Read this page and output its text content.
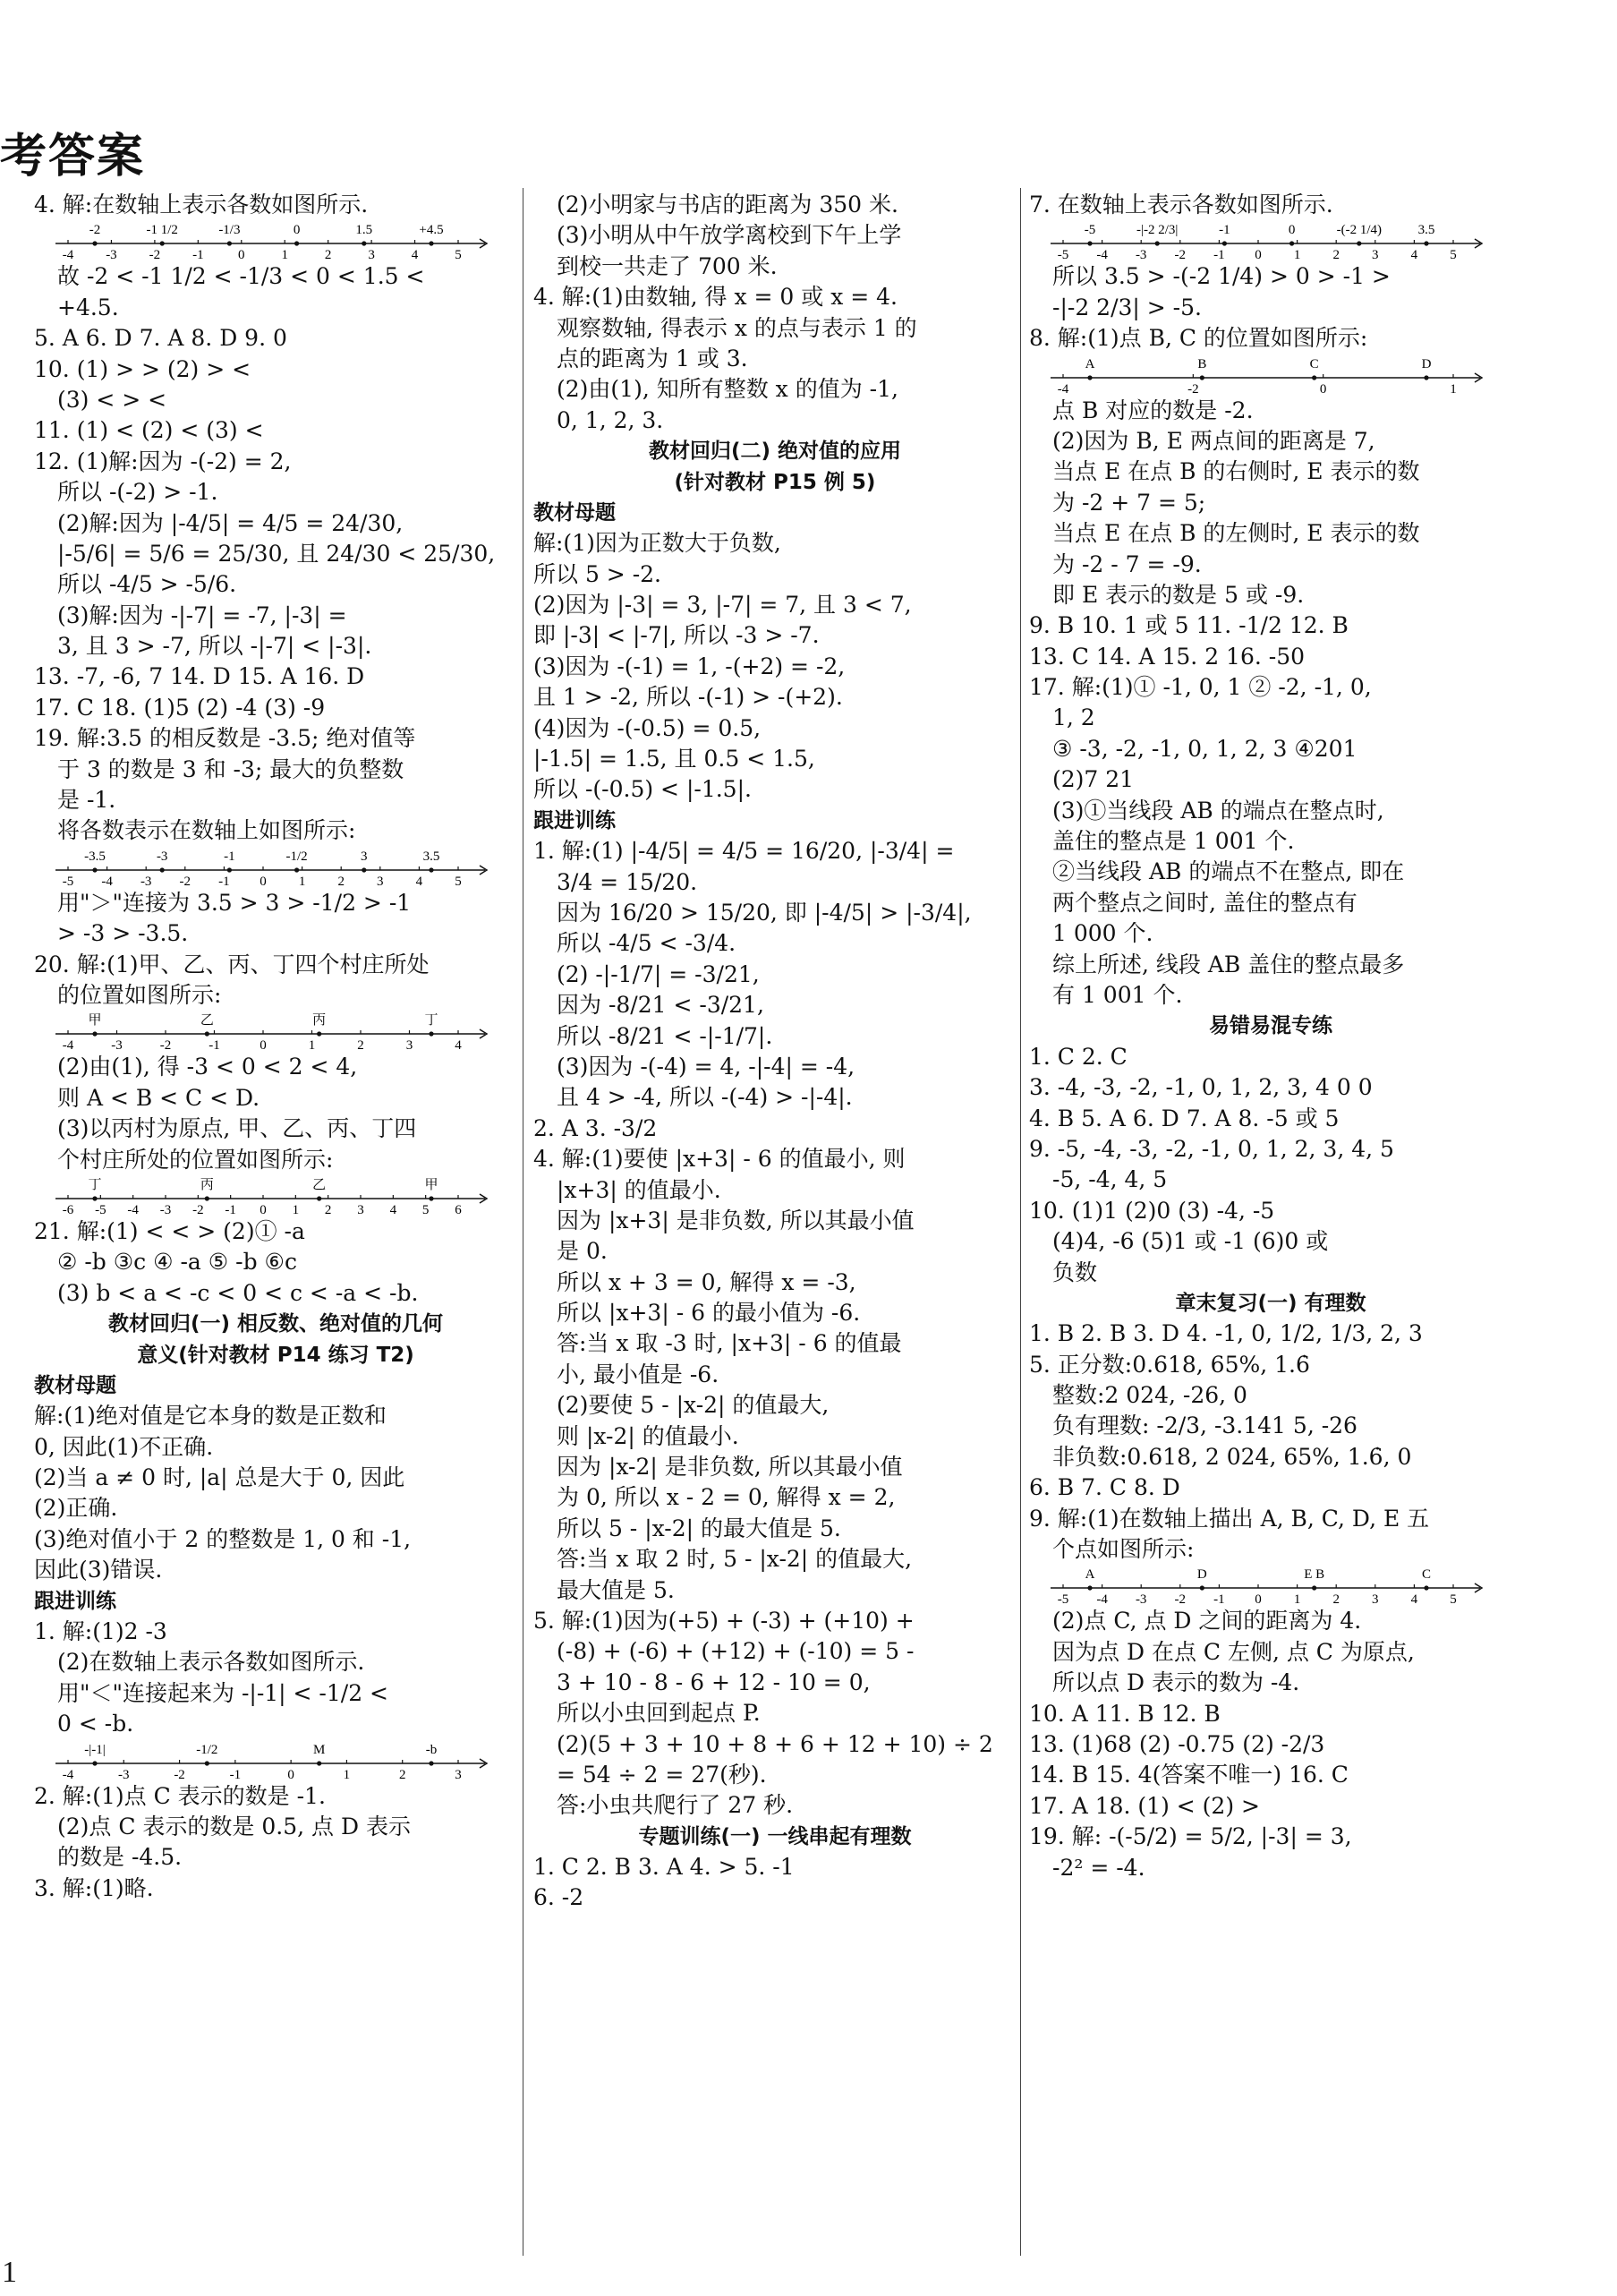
考答案
4. 解:在数轴上表示各数如图所示.
-4 -3 -2 -1	0	1	2	3	4	5
-2	-1 1/2	-1/3	0	1.5	+4.5
故 -2 < -1 1/2 < -1/3 < 0 < 1.5 <
+4.5.
5. A 6. D 7. A 8. D 9. 0
10. (1) > > (2) > <
(3) < > <
11. (1) < (2) < (3) <
12. (1)解:因为 -(-2) = 2,
所以 -(-2) > -1.
(2)解:因为 |-4/5| = 4/5 = 24/30,
|-5/6| = 5/6 = 25/30, 且 24/30 < 25/30,
所以 -4/5 > -5/6.
(3)解:因为 -|-7| = -7, |-3| =
3, 且 3 > -7, 所以 -|-7| < |-3|.
13. -7, -6, 7 14. D 15. A 16. D
17. C 18. (1)5 (2) -4 (3) -9
19. 解:3.5 的相反数是 -3.5; 绝对值等
于 3 的数是 3 和 -3; 最大的负整数
是 -1.
将各数表示在数轴上如图所示:
-5 -4 -3 -2 -1 0 1 2 3 4 5
-3.5	-3	-1	-1/2	3	3.5
用"＞"连接为 3.5 > 3 > -1/2 > -1
> -3 > -3.5.
20. 解:(1)甲、乙、丙、丁四个村庄所处
的位置如图所示:
-4	-3	-2	-1	0	1	2	3	4
甲	乙	丙	丁
(2)由(1), 得 -3 < 0 < 2 < 4,
则 A < B < C < D.
(3)以丙村为原点, 甲、乙、丙、丁四
个村庄所处的位置如图所示:
-6 -5 -4 -3 -2 -1 0 1 2 3 4 5 6
丁	丙	乙	甲
21. 解:(1) < < > (2)① -a
② -b ③c ④ -a ⑤ -b ⑥c
(3) b < a < -c < 0 < c < -a < -b.
教材回归(一) 相反数、绝对值的几何
意义(针对教材 P14 练习 T2)
教材母题
解:(1)绝对值是它本身的数是正数和
0, 因此(1)不正确.
(2)当 a ≠ 0 时, |a| 总是大于 0, 因此
(2)正确.
(3)绝对值小于 2 的整数是 1, 0 和 -1,
因此(3)错误.
跟进训练
1. 解:(1)2 -3
(2)在数轴上表示各数如图所示.
用"＜"连接起来为 -|-1| < -1/2 <
0 < -b.
-4	-3	-2	-1	0	1	2	3
-|-1|	-1/2	M	-b
2. 解:(1)点 C 表示的数是 -1.
(2)点 C 表示的数是 0.5, 点 D 表示
的数是 -4.5.
3. 解:(1)略.
(2)小明家与书店的距离为 350 米.
(3)小明从中午放学离校到下午上学
到校一共走了 700 米.
4. 解:(1)由数轴, 得 x = 0 或 x = 4.
观察数轴, 得表示 x 的点与表示 1 的
点的距离为 1 或 3.
(2)由(1), 知所有整数 x 的值为 -1,
0, 1, 2, 3.
教材回归(二) 绝对值的应用
(针对教材 P15 例 5)
教材母题
解:(1)因为正数大于负数,
所以 5 > -2.
(2)因为 |-3| = 3, |-7| = 7, 且 3 < 7,
即 |-3| < |-7|, 所以 -3 > -7.
(3)因为 -(-1) = 1, -(+2) = -2,
且 1 > -2, 所以 -(-1) > -(+2).
(4)因为 -(-0.5) = 0.5,
|-1.5| = 1.5, 且 0.5 < 1.5,
所以 -(-0.5) < |-1.5|.
跟进训练
1. 解:(1) |-4/5| = 4/5 = 16/20, |-3/4| =
3/4 = 15/20.
因为 16/20 > 15/20, 即 |-4/5| > |-3/4|,
所以 -4/5 < -3/4.
(2) -|-1/7| = -3/21,
因为 -8/21 < -3/21,
所以 -8/21 < -|-1/7|.
(3)因为 -(-4) = 4, -|-4| = -4,
且 4 > -4, 所以 -(-4) > -|-4|.
2. A 3. -3/2
4. 解:(1)要使 |x+3| - 6 的值最小, 则
|x+3| 的值最小.
因为 |x+3| 是非负数, 所以其最小值
是 0.
所以 x + 3 = 0, 解得 x = -3,
所以 |x+3| - 6 的最小值为 -6.
答:当 x 取 -3 时, |x+3| - 6 的值最
小, 最小值是 -6.
(2)要使 5 - |x-2| 的值最大,
则 |x-2| 的值最小.
因为 |x-2| 是非负数, 所以其最小值
为 0, 所以 x - 2 = 0, 解得 x = 2,
所以 5 - |x-2| 的最大值是 5.
答:当 x 取 2 时, 5 - |x-2| 的值最大,
最大值是 5.
5. 解:(1)因为(+5) + (-3) + (+10) +
(-8) + (-6) + (+12) + (-10) = 5 -
3 + 10 - 8 - 6 + 12 - 10 = 0,
所以小虫回到起点 P.
(2)(5 + 3 + 10 + 8 + 6 + 12 + 10) ÷ 2
= 54 ÷ 2 = 27(秒).
答:小虫共爬行了 27 秒.
专题训练(一) 一线串起有理数
1. C 2. B 3. A 4. > 5. -1
6. -2
7. 在数轴上表示各数如图所示.
-5 -4 -3 -2 -1 0 1 2 3 4 5
-5	-|-2 2/3|	-1	0	-(-2 1/4)	3.5
所以 3.5 > -(-2 1/4) > 0 > -1 >
-|-2 2/3| > -5.
8. 解:(1)点 B, C 的位置如图所示:
-4	-2	0	1
A	B	C	D
点 B 对应的数是 -2.
(2)因为 B, E 两点间的距离是 7,
当点 E 在点 B 的右侧时, E 表示的数
为 -2 + 7 = 5;
当点 E 在点 B 的左侧时, E 表示的数
为 -2 - 7 = -9.
即 E 表示的数是 5 或 -9.
9. B 10. 1 或 5 11. -1/2 12. B
13. C 14. A 15. 2 16. -50
17. 解:(1)① -1, 0, 1 ② -2, -1, 0,
1, 2
③ -3, -2, -1, 0, 1, 2, 3 ④201
(2)7 21
(3)①当线段 AB 的端点在整点时,
盖住的整点是 1 001 个.
②当线段 AB 的端点不在整点, 即在
两个整点之间时, 盖住的整点有
1 000 个.
综上所述, 线段 AB 盖住的整点最多
有 1 001 个.
易错易混专练
1. C 2. C
3. -4, -3, -2, -1, 0, 1, 2, 3, 4 0 0
4. B 5. A 6. D 7. A 8. -5 或 5
9. -5, -4, -3, -2, -1, 0, 1, 2, 3, 4, 5
-5, -4, 4, 5
10. (1)1 (2)0 (3) -4, -5
(4)4, -6 (5)1 或 -1 (6)0 或
负数
章末复习(一) 有理数
1. B 2. B 3. D 4. -1, 0, 1/2, 1/3, 2, 3
5. 正分数:0.618, 65%, 1.6̇
整数:2 024, -26, 0
负有理数: -2/3, -3.141 5, -26
非负数:0.618, 2 024, 65%, 1.6̇, 0
6. B 7. C 8. D
9. 解:(1)在数轴上描出 A, B, C, D, E 五
个点如图所示:
-5 -4 -3 -2 -1 0 1 2 3 4 5
A	D	E B	C
(2)点 C, 点 D 之间的距离为 4.
因为点 D 在点 C 左侧, 点 C 为原点,
所以点 D 表示的数为 -4.
10. A 11. B 12. B
13. (1)68 (2) -0.75 (2) -2/3
14. B 15. 4(答案不唯一) 16. C
17. A 18. (1) < (2) >
19. 解: -(-5/2) = 5/2, |-3| = 3,
-2² = -4.
1
